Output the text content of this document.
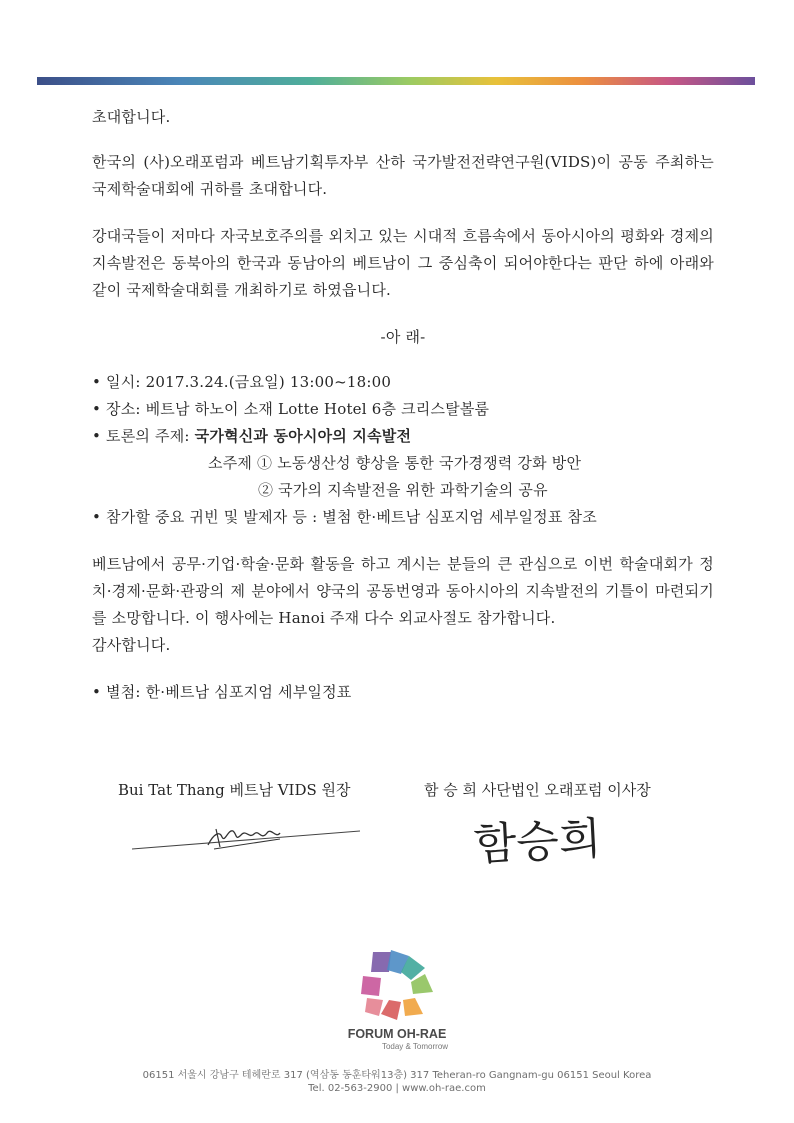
초대합니다.

한국의 (사)오래포럼과 베트남기획투자부 산하 국가발전전략연구원(VIDS)이 공동 주최하는 국제학술대회에 귀하를 초대합니다.

강대국들이 저마다 자국보호주의를 외치고 있는 시대적 흐름속에서 동아시아의 평화와 경제의 지속발전은 동북아의 한국과 동남아의 베트남이 그 중심축이 되어야한다는 판단 하에 아래와 같이 국제학술대회를 개최하기로 하였읍니다.

-아 래-

• 일시: 2017.3.24.(금요일) 13:00~18:00
• 장소: 베트남 하노이 소재 Lotte Hotel 6층 크리스탈볼룸
• 토론의 주제: 국가혁신과 동아시아의 지속발전
소주제 ① 노동생산성 향상을 통한 국가경쟁력 강화 방안
② 국가의 지속발전을 위한 과학기술의 공유
• 참가할 중요 귀빈 및 발제자 등 : 별첨 한·베트남 심포지엄 세부일정표 참조

베트남에서 공무·기업·학술·문화 활동을 하고 계시는 분들의 큰 관심으로 이번 학술대회가 정치·경제·문화·관광의 제 분야에서 양국의 공동번영과 동아시아의 지속발전의 기틀이 마련되기를 소망합니다. 이 행사에는 Hanoi 주재 다수 외교사절도 참가합니다.

감사합니다.

• 별첨: 한·베트남 심포지엄 세부일정표
Bui Tat Thang 베트남 VIDS 원장	함 승 희 사단법인 오래포럼 이사장
함승희
FORUM OH-RAE
Today & Tomorrow
06151 서울시 강남구 테헤란로 317 (역삼동 동훈타워13층) 317 Teheran-ro Gangnam-gu 06151 Seoul Korea
Tel. 02-563-2900 | www.oh-rae.com
